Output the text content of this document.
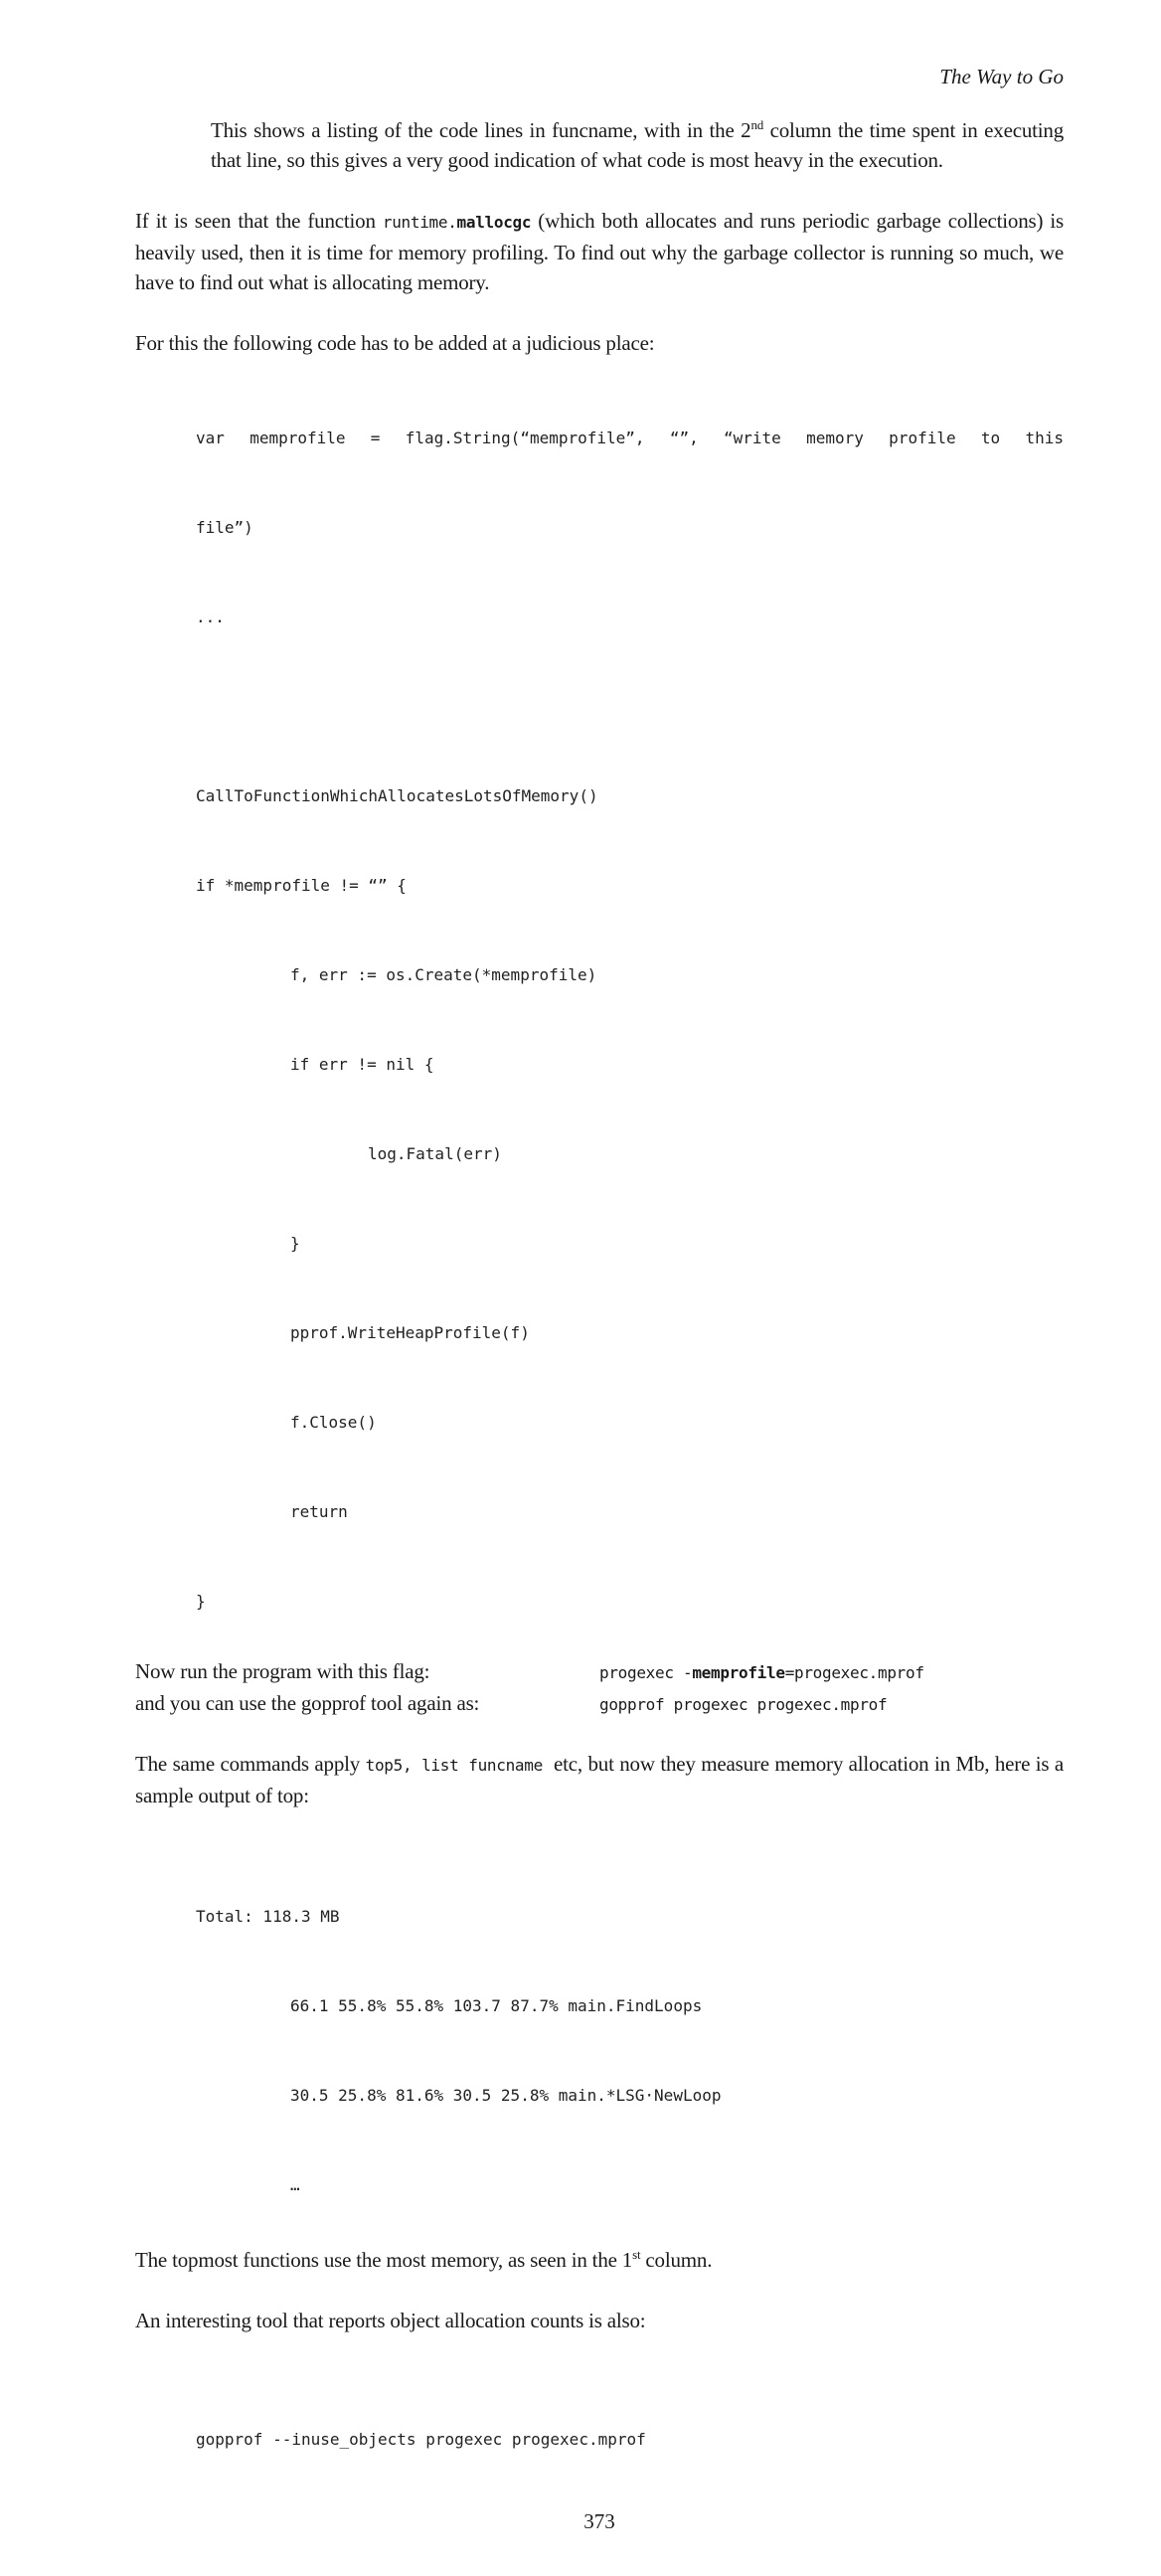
The Way to Go
This shows a listing of the code lines in funcname, with in the 2nd column the time spent in executing that line, so this gives a very good indication of what code is most heavy in the execution.
If it is seen that the function runtime.mallocgc (which both allocates and runs periodic garbage collections) is heavily used, then it is time for memory profiling. To find out why the garbage collector is running so much, we have to find out what is allocating memory.
For this the following code has to be added at a judicious place:

var memprofile = flag.String(“memprofile”, “”, “write memory profile to this

file”)

...

CallToFunctionWhichAllocatesLotsOfMemory()

if *memprofile != “” {

f, err := os.Create(*memprofile)

if err != nil {

log.Fatal(err)

}

pprof.WriteHeapProfile(f)

f.Close()

return

}

Now run the program with this flag:	progexec -memprofile=progexec.mprof
and you can use the gopprof tool again as:	gopprof progexec progexec.mprof
The same commands apply top5, list funcname  etc, but now they measure memory allocation in Mb, here is a sample output of top:

Total: 118.3 MB

66.1 55.8% 55.8% 103.7 87.7% main.FindLoops

30.5 25.8% 81.6% 30.5 25.8% main.*LSG·NewLoop

…

The topmost functions use the most memory, as seen in the 1st column.
An interesting tool that reports object allocation counts is also:

gopprof --inuse_objects progexec progexec.mprof

373
